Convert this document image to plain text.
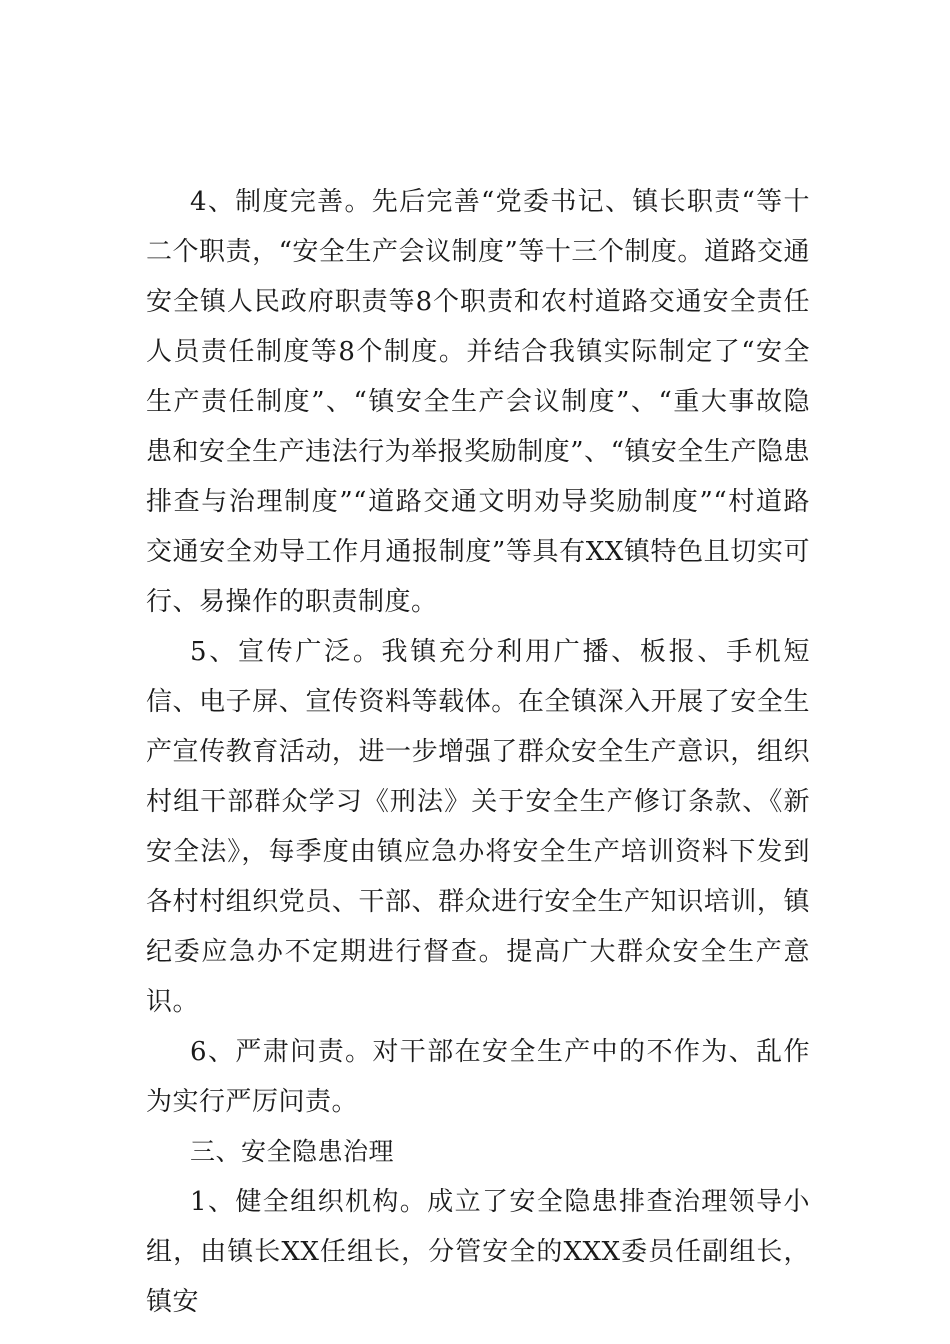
4、制度完善。先后完善“党委书记、镇长职责“等十二个职责，“安全生产会议制度”等十三个制度。道路交通安全镇人民政府职责等8个职责和农村道路交通安全责任人员责任制度等8个制度。并结合我镇实际制定了“安全生产责任制度”、“镇安全生产会议制度”、“重大事故隐患和安全生产违法行为举报奖励制度”、“镇安全生产隐患排查与治理制度”“道路交通文明劝导奖励制度”“村道路交通安全劝导工作月通报制度”等具有XX镇特色且切实可行、易操作的职责制度。

5、宣传广泛。我镇充分利用广播、板报、手机短信、电子屏、宣传资料等载体。在全镇深入开展了安全生产宣传教育活动，进一步增强了群众安全生产意识，组织村组干部群众学习《刑法》关于安全生产修订条款、《新安全法》，每季度由镇应急办将安全生产培训资料下发到各村村组织党员、干部、群众进行安全生产知识培训，镇纪委应急办不定期进行督查。提高广大群众安全生产意识。

6、严肃问责。对干部在安全生产中的不作为、乱作为实行严厉问责。

三、安全隐患治理

1、健全组织机构。成立了安全隐患排查治理领导小组，由镇长XX任组长，分管安全的XXX委员任副组长，镇安
